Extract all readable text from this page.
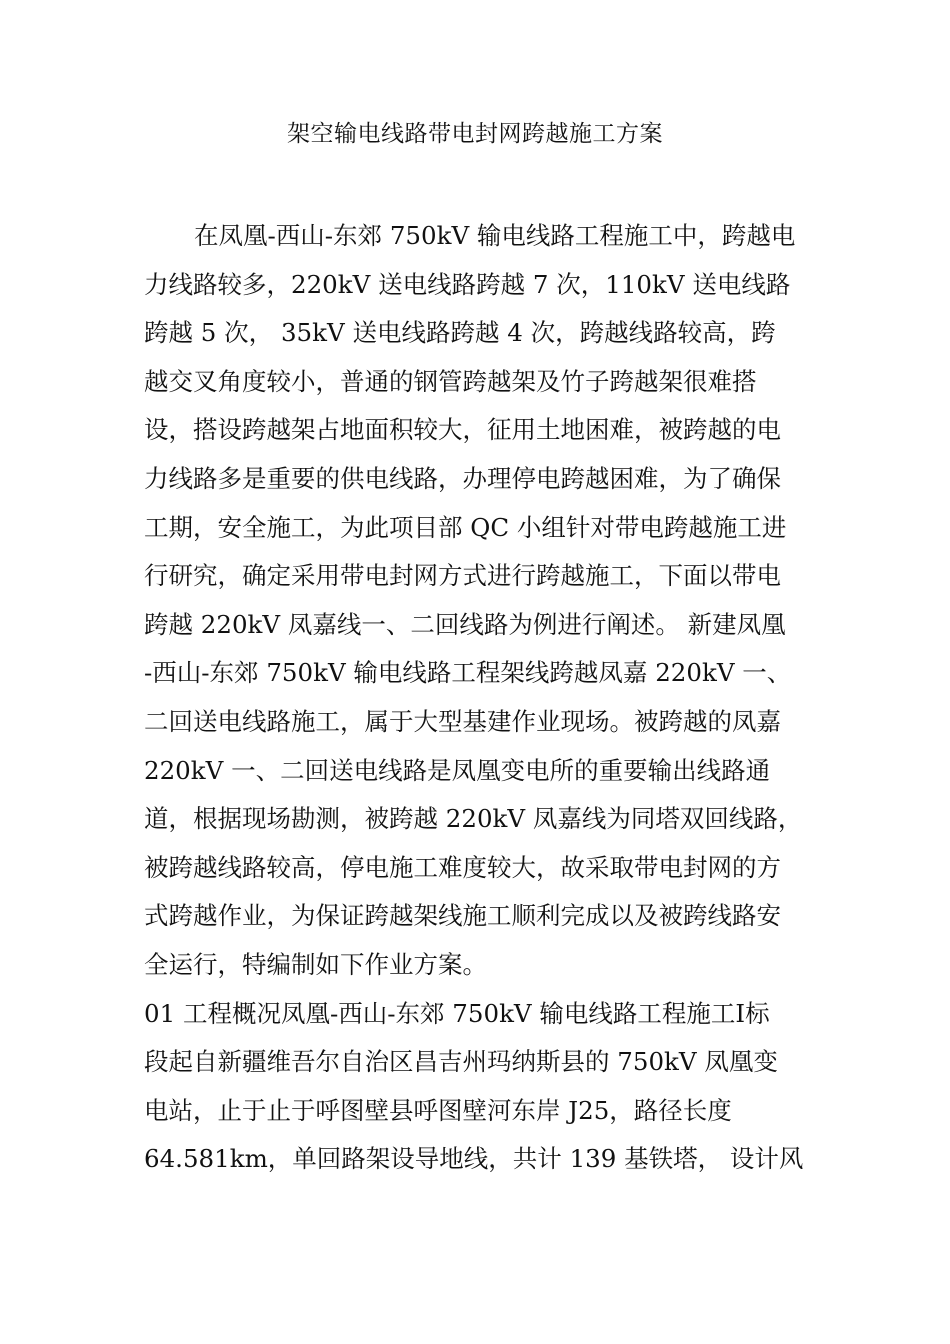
架空输电线路带电封网跨越施工方案
在凤凰-西山-东郊 750kV 输电线路工程施工中，跨越电
力线路较多，220kV 送电线路跨越 7 次，110kV 送电线路
跨越 5 次， 35kV 送电线路跨越 4 次，跨越线路较高，跨
越交叉角度较小，普通的钢管跨越架及竹子跨越架很难搭
设，搭设跨越架占地面积较大，征用土地困难，被跨越的电
力线路多是重要的供电线路，办理停电跨越困难，为了确保
工期，安全施工，为此项目部 QC 小组针对带电跨越施工进
行研究，确定采用带电封网方式进行跨越施工，下面以带电
跨越 220kV 凤嘉线一、二回线路为例进行阐述。 新建凤凰
-西山-东郊 750kV 输电线路工程架线跨越凤嘉 220kV 一、
二回送电线路施工，属于大型基建作业现场。被跨越的凤嘉
220kV 一、二回送电线路是凤凰变电所的重要输出线路通
道，根据现场勘测，被跨越 220kV 凤嘉线为同塔双回线路，
被跨越线路较高，停电施工难度较大，故采取带电封网的方
式跨越作业，为保证跨越架线施工顺利完成以及被跨线路安
全运行，特编制如下作业方案。
01 工程概况凤凰-西山-东郊 750kV 输电线路工程施工Ⅰ标
段起自新疆维吾尔自治区昌吉州玛纳斯县的 750kV 凤凰变
电站，止于止于呼图壁县呼图壁河东岸 J25，路径长度
64.581km，单回路架设导地线，共计 139 基铁塔， 设计风
